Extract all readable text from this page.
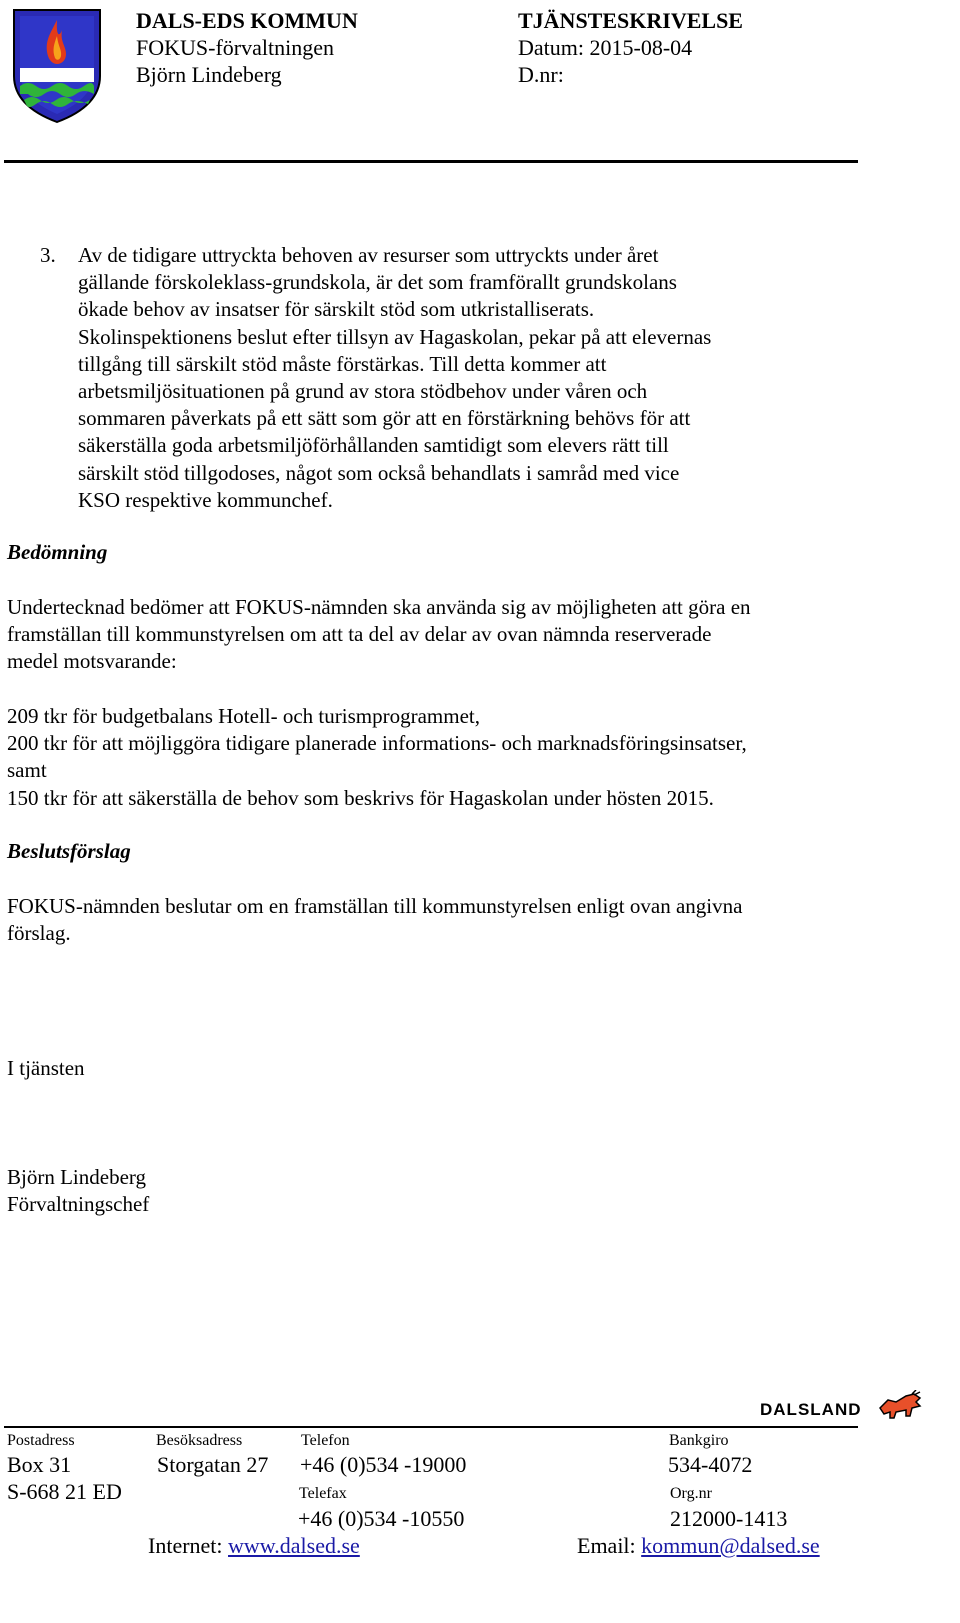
DALS-EDS KOMMUN
FOKUS-förvaltningen
Björn Lindeberg
TJÄNSTESKRIVELSE
Datum: 2015-08-04
D.nr:
3. Av de tidigare uttryckta behoven av resurser som uttryckts under året
gällande förskoleklass-grundskola, är det som framförallt grundskolans
ökade behov av insatser för särskilt stöd som utkristalliserats.
Skolinspektionens beslut efter tillsyn av Hagaskolan, pekar på att elevernas
tillgång till särskilt stöd måste förstärkas. Till detta kommer att
arbetsmiljösituationen på grund av stora stödbehov under våren och
sommaren påverkats på ett sätt som gör att en förstärkning behövs för att
säkerställa goda arbetsmiljöförhållanden samtidigt som elevers rätt till
särskilt stöd tillgodoses, något som också behandlats i samråd med vice
KSO respektive kommunchef.
Bedömning
Undertecknad bedömer att FOKUS-nämnden ska använda sig av möjligheten att göra en
framställan till kommunstyrelsen om att ta del av delar av ovan nämnda reserverade
medel motsvarande:
209 tkr för budgetbalans Hotell- och turismprogrammet,
200 tkr för att möjliggöra tidigare planerade informations- och marknadsföringsinsatser,
samt
150 tkr för att säkerställa de behov som beskrivs för Hagaskolan under hösten 2015.
Beslutsförslag
FOKUS-nämnden beslutar om en framställan till kommunstyrelsen enligt ovan angivna
förslag.
I tjänsten
Björn Lindeberg
Förvaltningschef
DALSLAND
Postadress
Box 31
S-668 21 ED
Besöksadress
Storgatan 27
Telefon
+46 (0)534 -19000
Telefax
+46 (0)534 -10550
Bankgiro
534-4072
Org.nr
212000-1413
Internet: www.dalsed.se	Email: kommun@dalsed.se
